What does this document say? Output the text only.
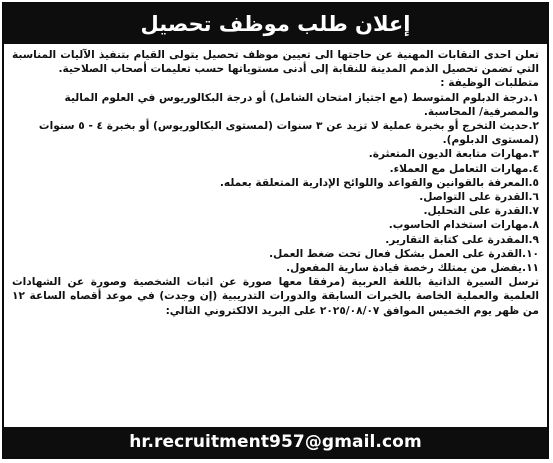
إعلان طلب موظف تحصيل

تعلن احدى النقابات المهنية عن حاجتها الى تعيين موظف تحصيل يتولى القيام بتنفيذ الآليات المناسبة التي تضمن تحصيل الذمم المدينة للنقابة إلى أدنى مستوياتها حسب تعليمات أصحاب الصلاحية.

متطلبات الوظيفة :

١.درجة الدبلوم المتوسط (مع اجتياز امتحان الشامل) أو درجة البكالوريوس في العلوم المالية والمصرفية/ المحاسبة.
٢.حديث التخرج أو بخبرة عملية لا تزيد عن ٣ سنوات (لمستوى البكالوريوس) أو بخبرة ٤ - ٥ سنوات (لمستوى الدبلوم).
٣.مهارات متابعة الديون المتعثرة.
٤.مهارات التعامل مع العملاء.
٥.المعرفة بالقوانين والقواعد واللوائح الإدارية المتعلقة بعمله.
٦.القدرة على التواصل.
٧.القدرة على التحليل.
٨.مهارات استخدام الحاسوب.
٩.المقدرة على كتابة التقارير.
١٠.القدرة على العمل بشكل فعال تحت ضغط العمل.
١١.يفضل من يمتلك رخصة قيادة سارية المفعول.

ترسل السيرة الذاتية باللغة العربية (مرفقا معها صورة عن اثبات الشخصية وصورة عن الشهادات العلمية والعملية الخاصة بالخبرات السابقة والدورات التدريبية (إن وجدت) في موعد أقصاه الساعة ١٢ من ظهر يوم الخميس الموافق ٢٠٢٥/٠٨/٠٧ على البريد الالكتروني التالي:

hr.recruitment957@gmail.com
